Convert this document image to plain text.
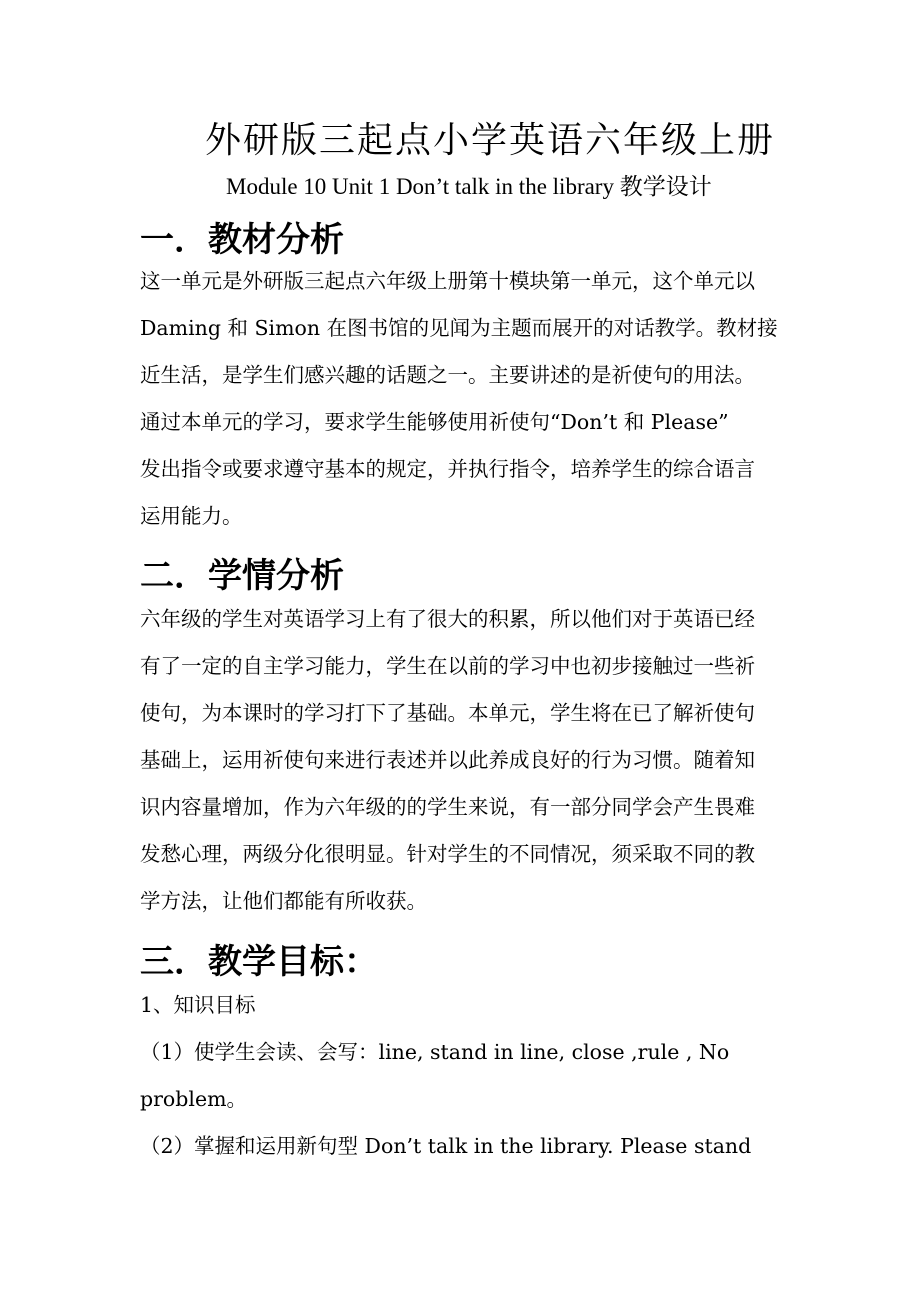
外研版三起点小学英语六年级上册
Module 10 Unit 1 Don’t talk in the library 教学设计
一．教材分析
这一单元是外研版三起点六年级上册第十模块第一单元，这个单元以
Daming 和 Simon 在图书馆的见闻为主题而展开的对话教学。教材接
近生活，是学生们感兴趣的话题之一。主要讲述的是祈使句的用法。
通过本单元的学习，要求学生能够使用祈使句“Don’t 和 Please”
发出指令或要求遵守基本的规定，并执行指令，培养学生的综合语言
运用能力。
二．学情分析
六年级的学生对英语学习上有了很大的积累，所以他们对于英语已经
有了一定的自主学习能力，学生在以前的学习中也初步接触过一些祈
使句，为本课时的学习打下了基础。本单元，学生将在已了解祈使句
基础上，运用祈使句来进行表述并以此养成良好的行为习惯。随着知
识内容量增加，作为六年级的的学生来说，有一部分同学会产生畏难
发愁心理，两级分化很明显。针对学生的不同情况，须采取不同的教
学方法，让他们都能有所收获。
三．教学目标：
1、知识目标
（1）使学生会读、会写：line, stand in line, close ,rule , No
problem。
（2）掌握和运用新句型 Don’t talk in the library. Please stand
